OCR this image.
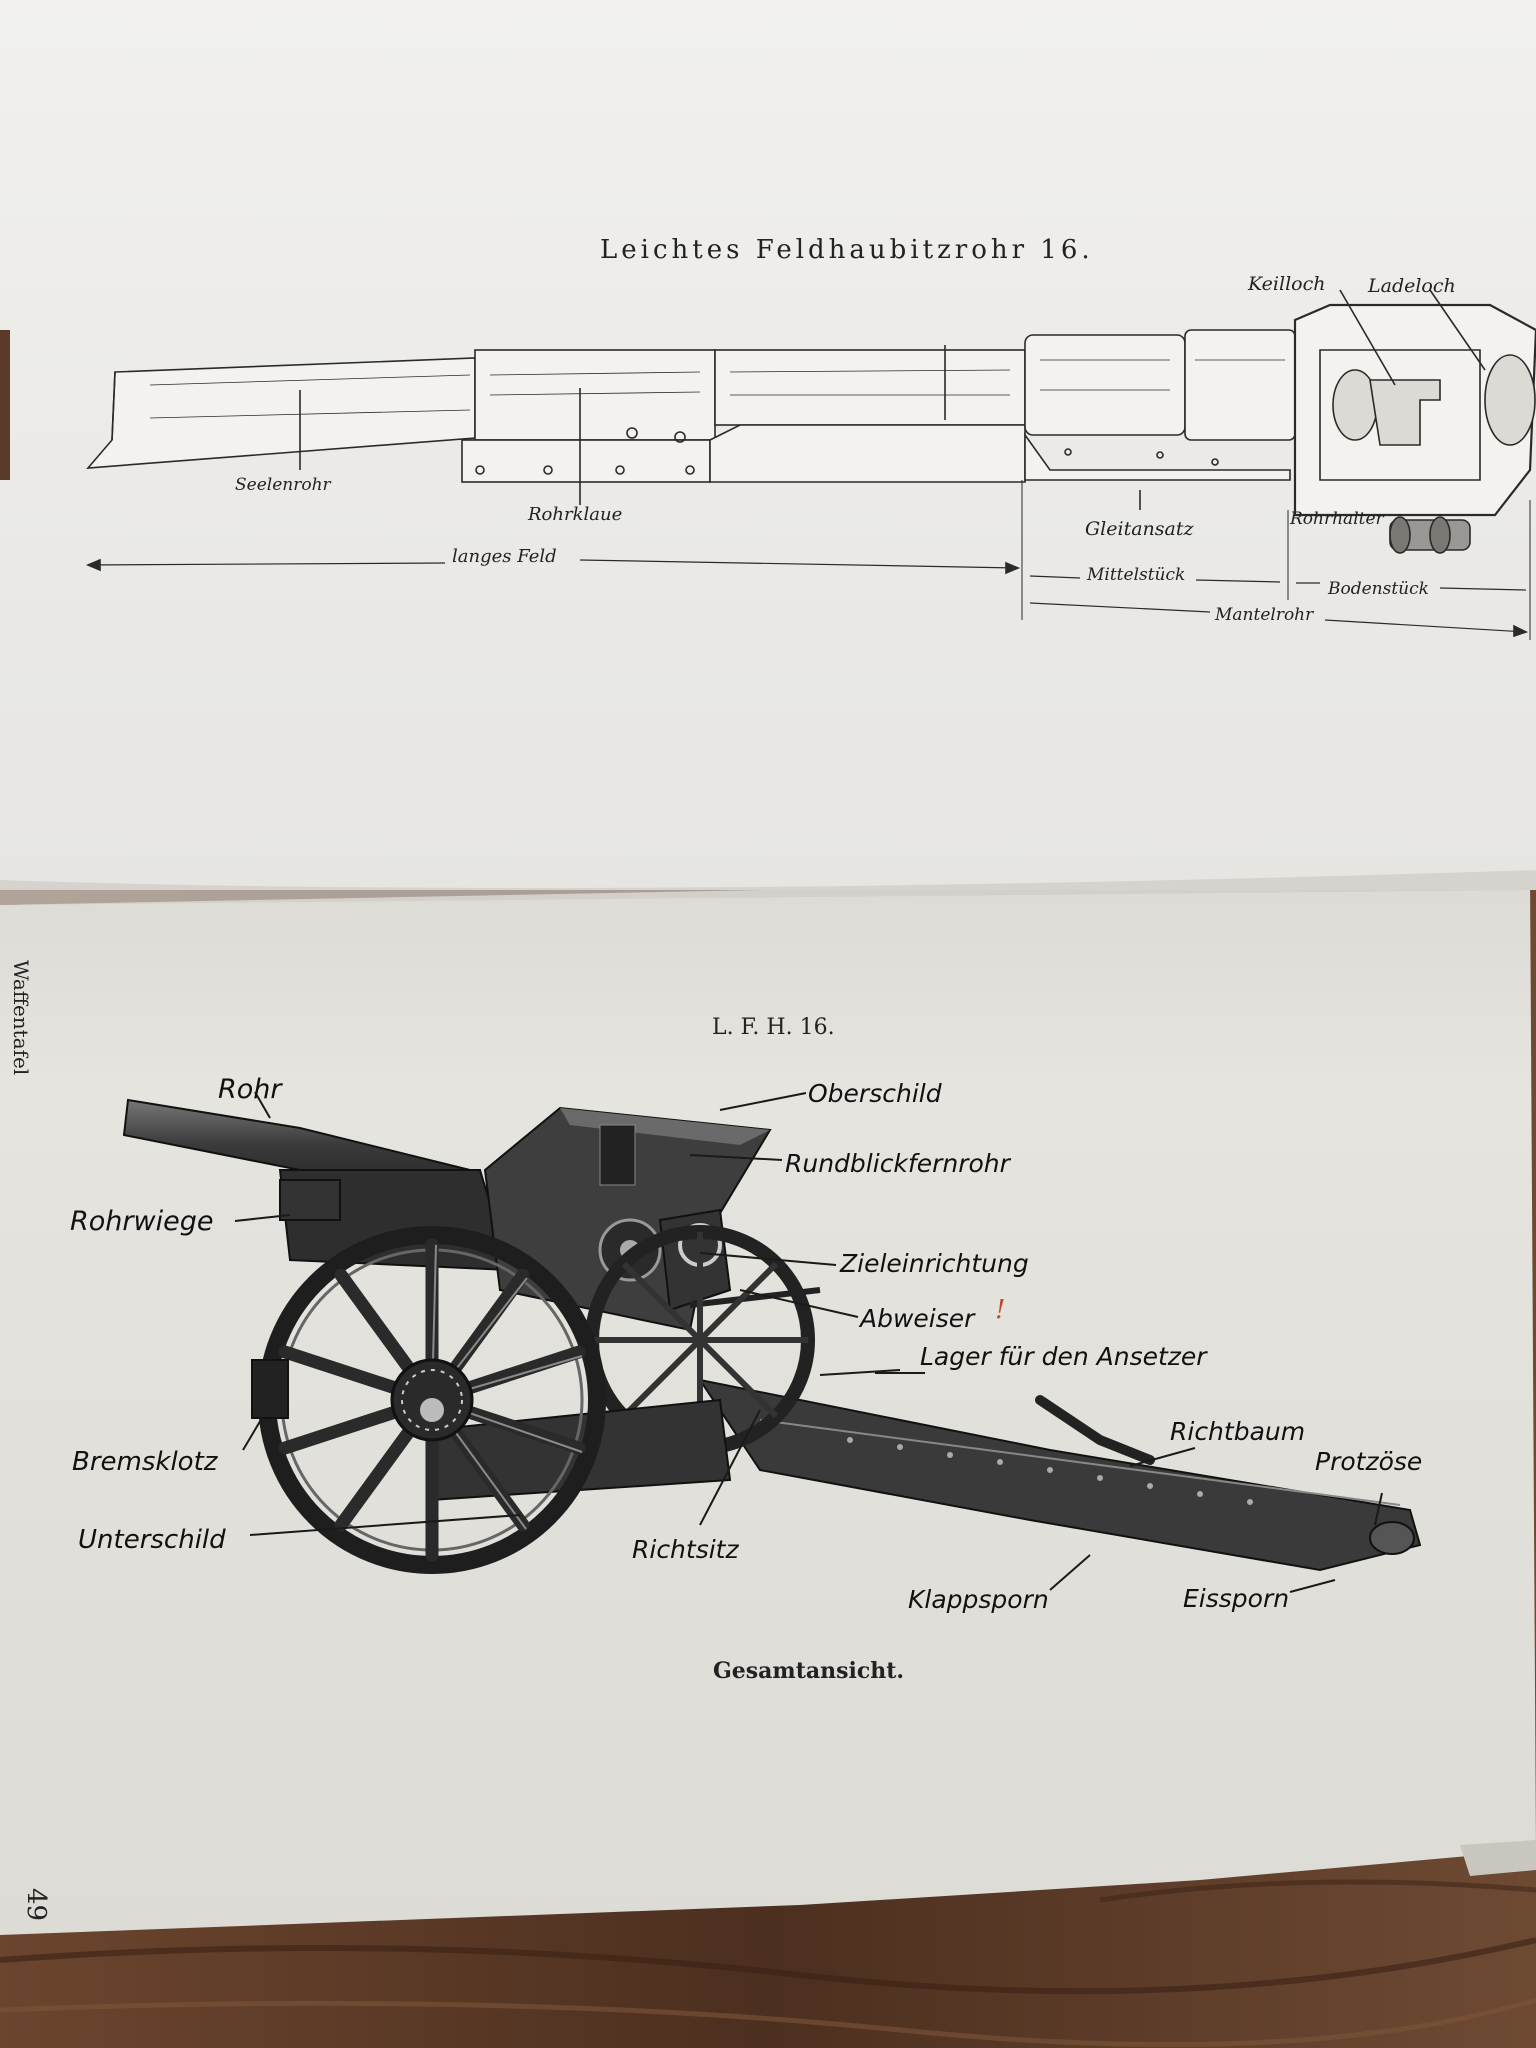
Leichtes Feldhaubitzrohr 16.
Keilloch Ladeloch
Seelenrohr
Rohrklaue
Gleitansatz	Rohrhalter
langes Feld
Mittelstück
Bodenstück
Mantelrohr
Waffentafel	L. F. H. 16.
Rohr	Oberschild
Rundblickfernrohr
Rohrwiege
Zieleinrichtung
Abweiser !
Lager für den Ansetzer
Bremsklotz
Richtbaum
Protzöse
Unterschild	Richtsitz
Klappsporn	Eissporn
Gesamtansicht.
49
